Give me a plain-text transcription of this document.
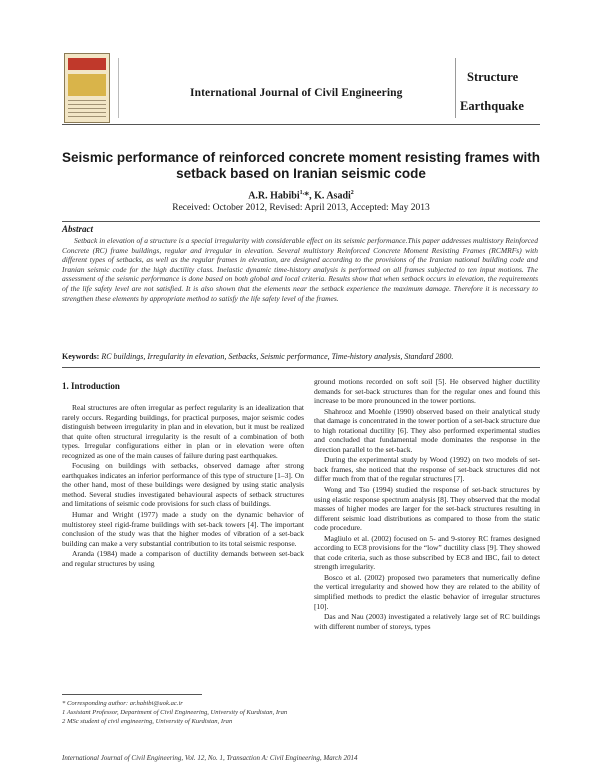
International Journal of Civil Engineering
Structure
Earthquake
Seismic performance of reinforced concrete moment resisting frames with setback based on Iranian seismic code
A.R. Habibi$^{1,}$*, K. Asadi$^2$
Received: October 2012, Revised: April 2013, Accepted: May 2013
Abstract
Setback in elevation of a structure is a special irregularity with considerable effect on its seismic performance.This paper addresses multistory Reinforced Concrete (RC) frame buildings, regular and irregular in elevation. Several multistory Reinforced Concrete Moment Resisting Frames (RCMRFs) with different types of setbacks, as well as the regular frames in elevation, are designed according to the provisions of the Iranian national building code and Iranian seismic code for the high ductility class. Inelastic dynamic time-history analysis is performed on all frames subjected to ten input motions. The assessment of the seismic performance is done based on both global and local criteria. Results show that when setback occurs in elevation, the requirements of the life safety level are not satisfied. It is also shown that the elements near the setback experience the maximum damage. Therefore it is necessary to strengthen these elements by appropriate method to satisfy the life safety level of the frames.
Keywords: RC buildings, Irregularity in elevation, Setbacks, Seismic performance, Time-history analysis, Standard 2800.
1. Introduction

Real structures are often irregular as perfect regularity is an idealization that rarely occurs. Regarding buildings, for practical purposes, major seismic codes distinguish between irregularity in plan and in elevation, but it must be realized that quite often structural irregularity is the result of a combination of both types. Irregular configurations either in plan or in elevation were often recognized as one of the main causes of failure during past earthquakes.

Focusing on buildings with setbacks, observed damage after strong earthquakes indicates an inferior performance of this type of structure [1–3]. On the other hand, most of these buildings were designed by using static analysis method. Several studies investigated behavioural aspects of setback structures and limitations of seismic code provisions for such class of buildings.

Humar and Wright (1977) made a study on the dynamic behavior of multistorey steel rigid-frame buildings with set-back towers [4]. The important conclusion of the study was that the higher modes of vibration of a set-back building can make a very substantial contribution to its total seismic response.

Aranda (1984) made a comparison of ductility demands between set-back and regular structures by using

ground motions recorded on soft soil [5]. He observed higher ductility demands for set-back structures than for the regular ones and found this increase to be more pronounced in the tower portions.

Shahrooz and Moehle (1990) observed based on their analytical study that damage is concentrated in the tower portion of a set-back structure due to high rotational ductility [6]. They also performed experimental studies and concluded that fundamental mode dominates the response in the direction parallel to the set-back.

During the experimental study by Wood (1992) on two models of set-back frames, she noticed that the response of set-back structures did not differ much from that of the regular structures [7].

Wong and Tso (1994) studied the response of set-back structures by using elastic response spectrum analysis [8]. They observed that the modal masses of higher modes are larger for the set-back structures resulting in different seismic load distributions as compared to those from the static code procedure.

Magliulo et al. (2002) focused on 5- and 9-storey RC frames designed according to EC8 provisions for the “low” ductility class [9]. They showed that code criteria, such as those subscribed by EC8 and IBC, fail to detect strength irregularity.

Bosco et al. (2002) proposed two parameters that numerically define the vertical irregularity and showed how they are related to the ability of simplified methods to predict the elastic behavior of irregular structures [10].

Das and Nau (2003) investigated a relatively large set of RC buildings with different number of storeys, types

* Corresponding author: ar.habibi@uok.ac.ir
1 Assistant Professor, Department of Civil Engineering, University of Kurdistan, Iran
2 MSc student of civil engineering, University of Kurdistan, Iran
International Journal of Civil Engineering, Vol. 12, No. 1, Transaction A: Civil Engineering, March 2014
